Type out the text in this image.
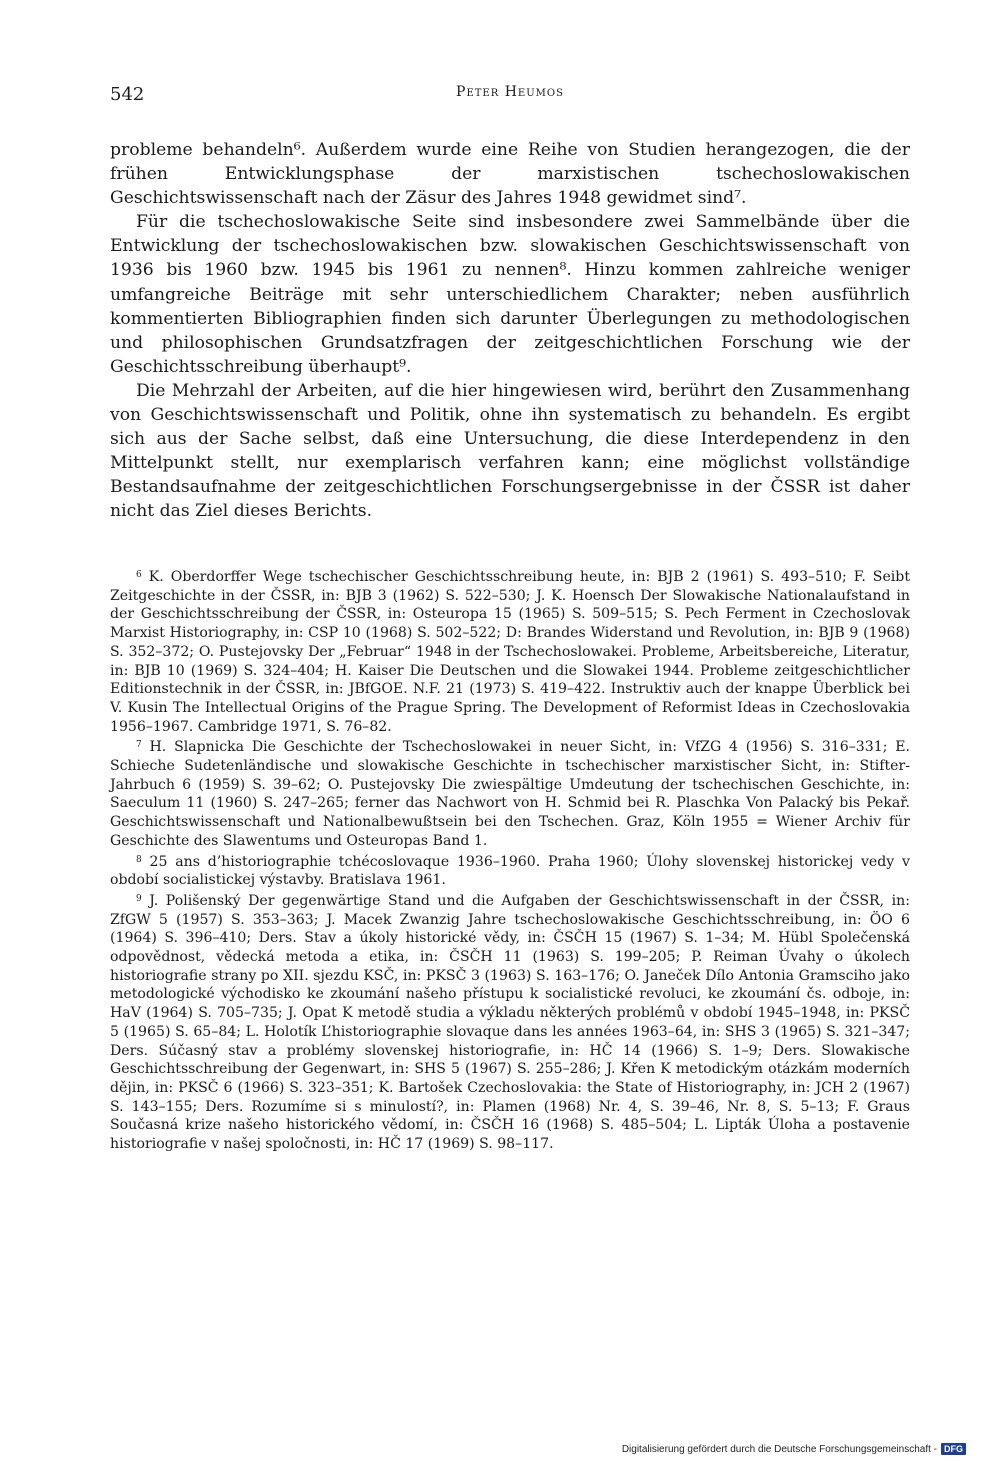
542	Peter Heumos

probleme behandeln⁶. Außerdem wurde eine Reihe von Studien herangezogen, die der frühen Entwicklungsphase der marxistischen tschechoslowakischen Geschichtswissenschaft nach der Zäsur des Jahres 1948 gewidmet sind⁷.

Für die tschechoslowakische Seite sind insbesondere zwei Sammelbände über die Entwicklung der tschechoslowakischen bzw. slowakischen Geschichtswissenschaft von 1936 bis 1960 bzw. 1945 bis 1961 zu nennen⁸. Hinzu kommen zahlreiche weniger umfangreiche Beiträge mit sehr unterschiedlichem Charakter; neben ausführlich kommentierten Bibliographien finden sich darunter Überlegungen zu methodologischen und philosophischen Grundsatzfragen der zeitgeschichtlichen Forschung wie der Geschichtsschreibung überhaupt⁹.

Die Mehrzahl der Arbeiten, auf die hier hingewiesen wird, berührt den Zusammenhang von Geschichtswissenschaft und Politik, ohne ihn systematisch zu behandeln. Es ergibt sich aus der Sache selbst, daß eine Untersuchung, die diese Interdependenz in den Mittelpunkt stellt, nur exemplarisch verfahren kann; eine möglichst vollständige Bestandsaufnahme der zeitgeschichtlichen Forschungsergebnisse in der ČSSR ist daher nicht das Ziel dieses Berichts.

$^6$ K. Oberdorffer Wege tschechischer Geschichtsschreibung heute, in: BJB 2 (1961) S. 493–510; F. Seibt Zeitgeschichte in der ČSSR, in: BJB 3 (1962) S. 522–530; J. K. Hoensch Der Slowakische Nationalaufstand in der Geschichtsschreibung der ČSSR, in: Osteuropa 15 (1965) S. 509–515; S. Pech Ferment in Czechoslovak Marxist Historiography, in: CSP 10 (1968) S. 502–522; D: Brandes Widerstand und Revolution, in: BJB 9 (1968) S. 352–372; O. Pustejovsky Der „Februar“ 1948 in der Tschechoslowakei. Probleme, Arbeitsbereiche, Literatur, in: BJB 10 (1969) S. 324–404; H. Kaiser Die Deutschen und die Slowakei 1944. Probleme zeitgeschichtlicher Editionstechnik in der ČSSR, in: JBfGOE. N.F. 21 (1973) S. 419–422. Instruktiv auch der knappe Überblick bei V. Kusin The Intellectual Origins of the Prague Spring. The Development of Reformist Ideas in Czechoslovakia 1956–1967. Cambridge 1971, S. 76–82.

$^7$ H. Slapnicka Die Geschichte der Tschechoslowakei in neuer Sicht, in: VfZG 4 (1956) S. 316–331; E. Schieche Sudetenländische und slowakische Geschichte in tschechischer marxistischer Sicht, in: Stifter-Jahrbuch 6 (1959) S. 39–62; O. Pustejovsky Die zwiespältige Umdeutung der tschechischen Geschichte, in: Saeculum 11 (1960) S. 247–265; ferner das Nachwort von H. Schmid bei R. Plaschka Von Palacký bis Pekař. Geschichtswissenschaft und Nationalbewußtsein bei den Tschechen. Graz, Köln 1955 = Wiener Archiv für Geschichte des Slawentums und Osteuropas Band 1.

$^8$ 25 ans d’historiographie tchécoslovaque 1936–1960. Praha 1960; Úlohy slovenskej historickej vedy v období socialistickej výstavby. Bratislava 1961.

$^9$ J. Polišenský Der gegenwärtige Stand und die Aufgaben der Geschichtswissenschaft in der ČSSR, in: ZfGW 5 (1957) S. 353–363; J. Macek Zwanzig Jahre tschechoslowakische Geschichtsschreibung, in: ÖO 6 (1964) S. 396–410; Ders. Stav a úkoly historické vědy, in: ČSČH 15 (1967) S. 1–34; M. Hübl Společenská odpovědnost, vědecká metoda a etika, in: ČSČH 11 (1963) S. 199–205; P. Reiman Úvahy o úkolech historiografie strany po XII. sjezdu KSČ, in: PKSČ 3 (1963) S. 163–176; O. Janeček Dílo Antonia Gramsciho jako metodologické východisko ke zkoumání našeho přístupu k socialistické revoluci, ke zkoumání čs. odboje, in: HaV (1964) S. 705–735; J. Opat K metodě studia a výkladu některých problémů v období 1945–1948, in: PKSČ 5 (1965) S. 65–84; L. Holotík L’historiographie slovaque dans les années 1963–64, in: SHS 3 (1965) S. 321–347; Ders. Súčasný stav a problémy slovenskej historiografie, in: HČ 14 (1966) S. 1–9; Ders. Slowakische Geschichtsschreibung der Gegenwart, in: SHS 5 (1967) S. 255–286; J. Křen K metodickým otázkám moderních dějin, in: PKSČ 6 (1966) S. 323–351; K. Bartošek Czechoslovakia: the State of Historiography, in: JCH 2 (1967) S. 143–155; Ders. Rozumíme si s minulostí?, in: Plamen (1968) Nr. 4, S. 39–46, Nr. 8, S. 5–13; F. Graus Současná krize našeho historického vědomí, in: ČSČH 16 (1968) S. 485–504; L. Lipták Úloha a postavenie historiografie v našej spoločnosti, in: HČ 17 (1969) S. 98–117.

Digitalisierung gefördert durch die Deutsche Forschungsgemeinschaft - DFG
